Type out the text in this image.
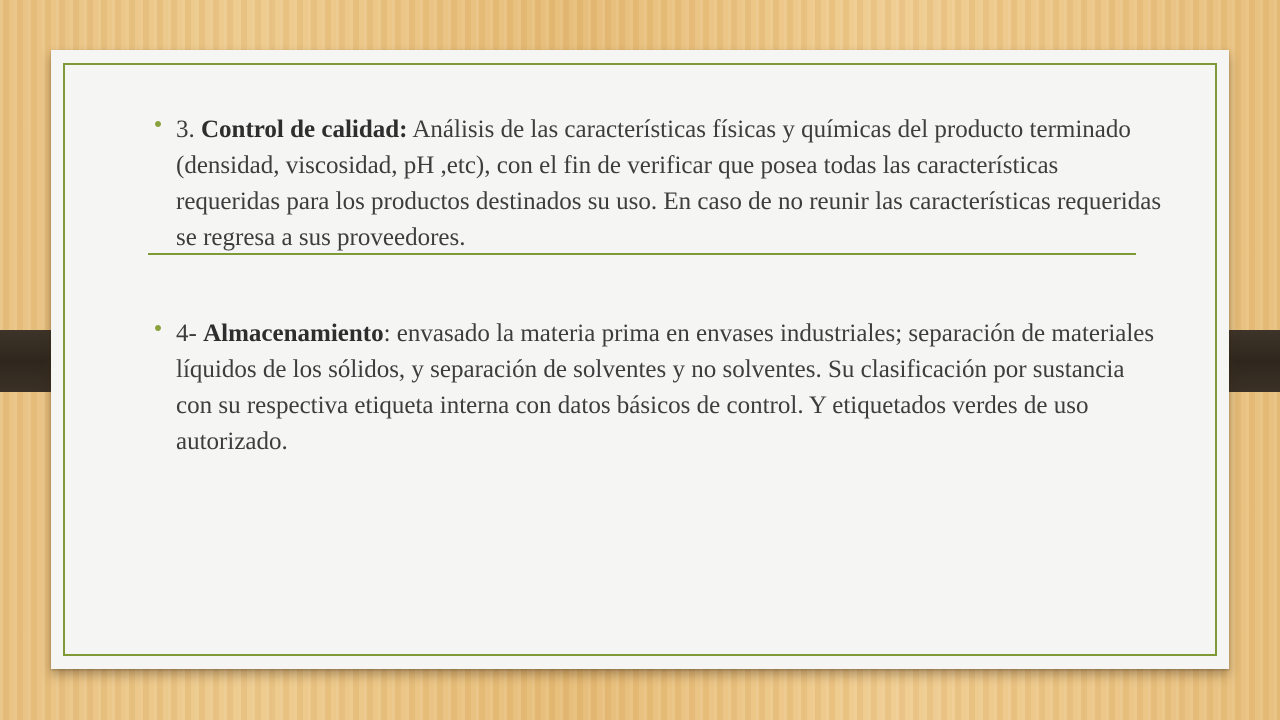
3. Control de calidad: Análisis de las características físicas y químicas del producto terminado (densidad, viscosidad, pH ,etc), con el fin de verificar que posea todas las características requeridas para los productos destinados su uso. En caso de no reunir las características requeridas se regresa a sus proveedores.
4- Almacenamiento: envasado la materia prima en envases industriales; separación de materiales líquidos de los sólidos, y separación de solventes y no solventes. Su clasificación por sustancia con su respectiva etiqueta interna con datos básicos de control. Y etiquetados verdes de uso autorizado.
